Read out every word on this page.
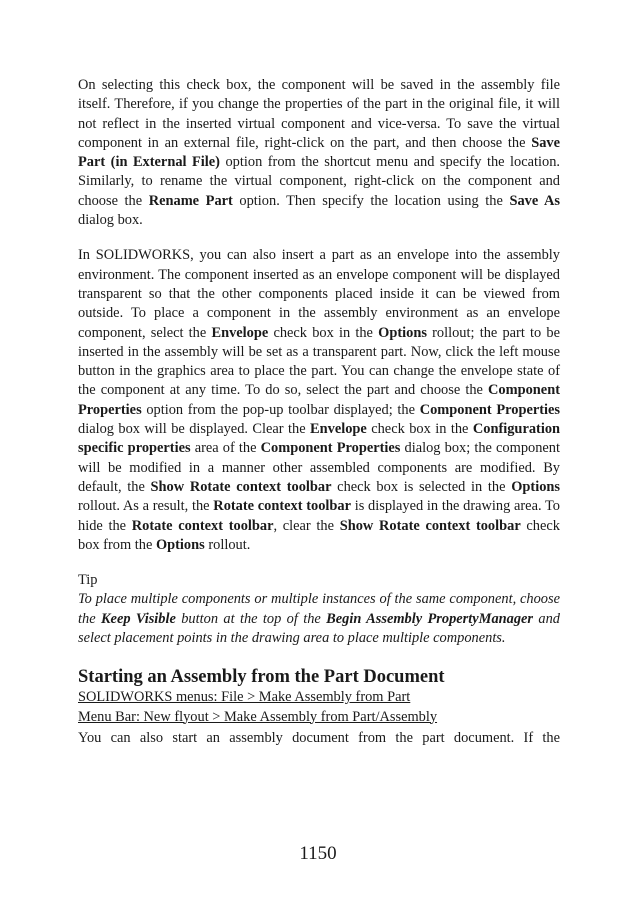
On selecting this check box, the component will be saved in the assembly file itself. Therefore, if you change the properties of the part in the original file, it will not reflect in the inserted virtual component and vice-versa. To save the virtual component in an external file, right-click on the part, and then choose the Save Part (in External File) option from the shortcut menu and specify the location. Similarly, to rename the virtual component, right-click on the component and choose the Rename Part option. Then specify the location using the Save As dialog box.

In SOLIDWORKS, you can also insert a part as an envelope into the assembly environment. The component inserted as an envelope component will be displayed transparent so that the other components placed inside it can be viewed from outside. To place a component in the assembly environment as an envelope component, select the Envelope check box in the Options rollout; the part to be inserted in the assembly will be set as a transparent part. Now, click the left mouse button in the graphics area to place the part. You can change the envelope state of the component at any time. To do so, select the part and choose the Component Properties option from the pop-up toolbar displayed; the Component Properties dialog box will be displayed. Clear the Envelope check box in the Configuration specific properties area of the Component Properties dialog box; the component will be modified in a manner other assembled components are modified. By default, the Show Rotate context toolbar check box is selected in the Options rollout. As a result, the Rotate context toolbar is displayed in the drawing area. To hide the Rotate context toolbar, clear the Show Rotate context toolbar check box from the Options rollout.

Tip

To place multiple components or multiple instances of the same component, choose the Keep Visible button at the top of the Begin Assembly PropertyManager and select placement points in the drawing area to place multiple components.

Starting an Assembly from the Part Document

SOLIDWORKS menus: File > Make Assembly from Part

Menu Bar: New flyout > Make Assembly from Part/Assembly

You can also start an assembly document from the part document. If the

1150
